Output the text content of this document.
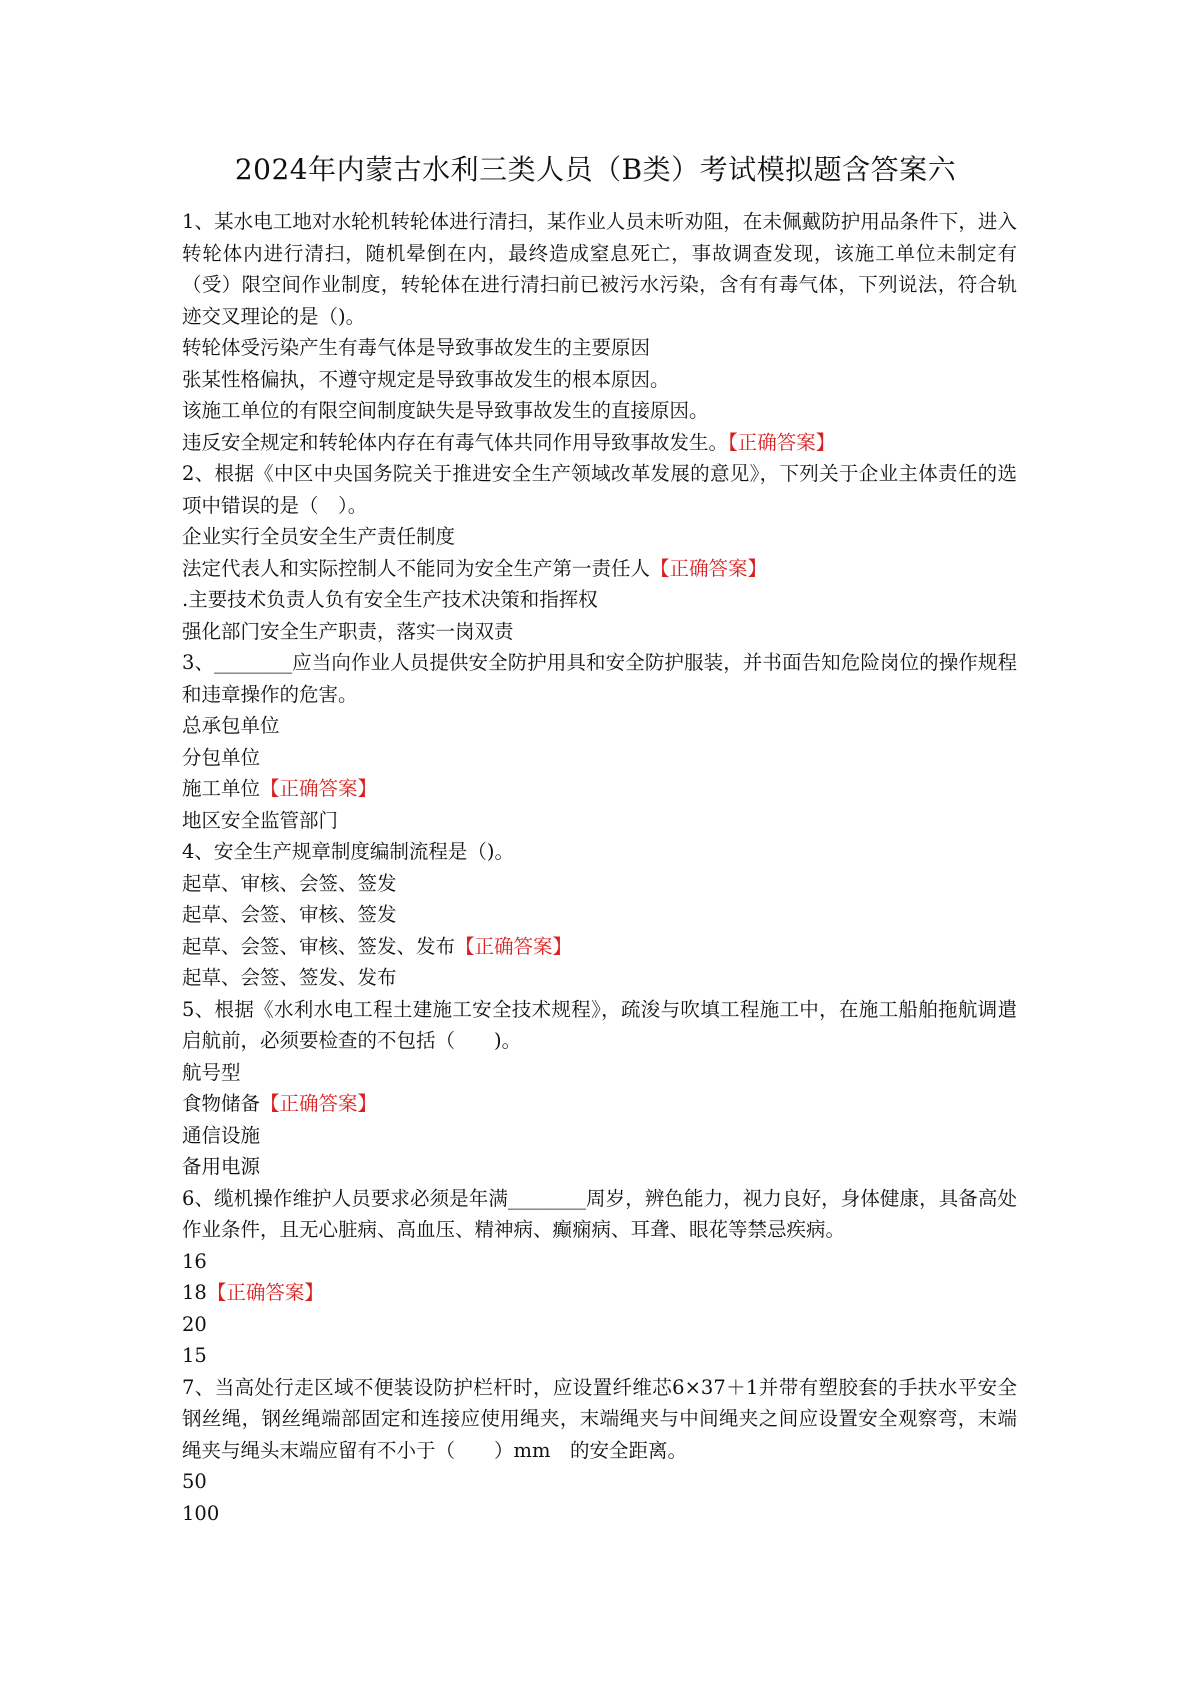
2024年内蒙古水利三类人员（B类）考试模拟题含答案六

1、某水电工地对水轮机转轮体进行清扫，某作业人员未听劝阻，在未佩戴防护用品条件下，进入转轮体内进行清扫，随机晕倒在内，最终造成窒息死亡，事故调查发现，该施工单位未制定有（受）限空间作业制度，转轮体在进行清扫前已被污水污染，含有有毒气体，下列说法，符合轨迹交叉理论的是（)。

转轮体受污染产生有毒气体是导致事故发生的主要原因

张某性格偏执，不遵守规定是导致事故发生的根本原因。

该施工单位的有限空间制度缺失是导致事故发生的直接原因。

违反安全规定和转轮体内存在有毒气体共同作用导致事故发生。【正确答案】

2、根据《中区中央国务院关于推进安全生产领域改革发展的意见》，下列关于企业主体责任的选项中错误的是（　）。

企业实行全员安全生产责任制度

法定代表人和实际控制人不能同为安全生产第一责任人【正确答案】

.主要技术负责人负有安全生产技术决策和指挥权

强化部门安全生产职责，落实一岗双责

3、________应当向作业人员提供安全防护用具和安全防护服装，并书面告知危险岗位的操作规程和违章操作的危害。

总承包单位

分包单位

施工单位【正确答案】

地区安全监管部门

4、安全生产规章制度编制流程是（)。

起草、审核、会签、签发

起草、会签、审核、签发

起草、会签、审核、签发、发布【正确答案】

起草、会签、签发、发布

5、根据《水利水电工程土建施工安全技术规程》，疏浚与吹填工程施工中，在施工船舶拖航调遣启航前，必须要检查的不包括（　　)。

航号型

食物储备【正确答案】

通信设施

备用电源

6、缆机操作维护人员要求必须是年满________周岁，辨色能力，视力良好，身体健康，具备高处作业条件，且无心脏病、高血压、精神病、癫痫病、耳聋、眼花等禁忌疾病。

16

18【正确答案】

20

15

7、当高处行走区域不便装设防护栏杆时，应设置纤维芯6×37＋1并带有塑胶套的手扶水平安全钢丝绳，钢丝绳端部固定和连接应使用绳夹，末端绳夹与中间绳夹之间应设置安全观察弯，末端绳夹与绳头末端应留有不小于（　　）mm　的安全距离。

50

100
